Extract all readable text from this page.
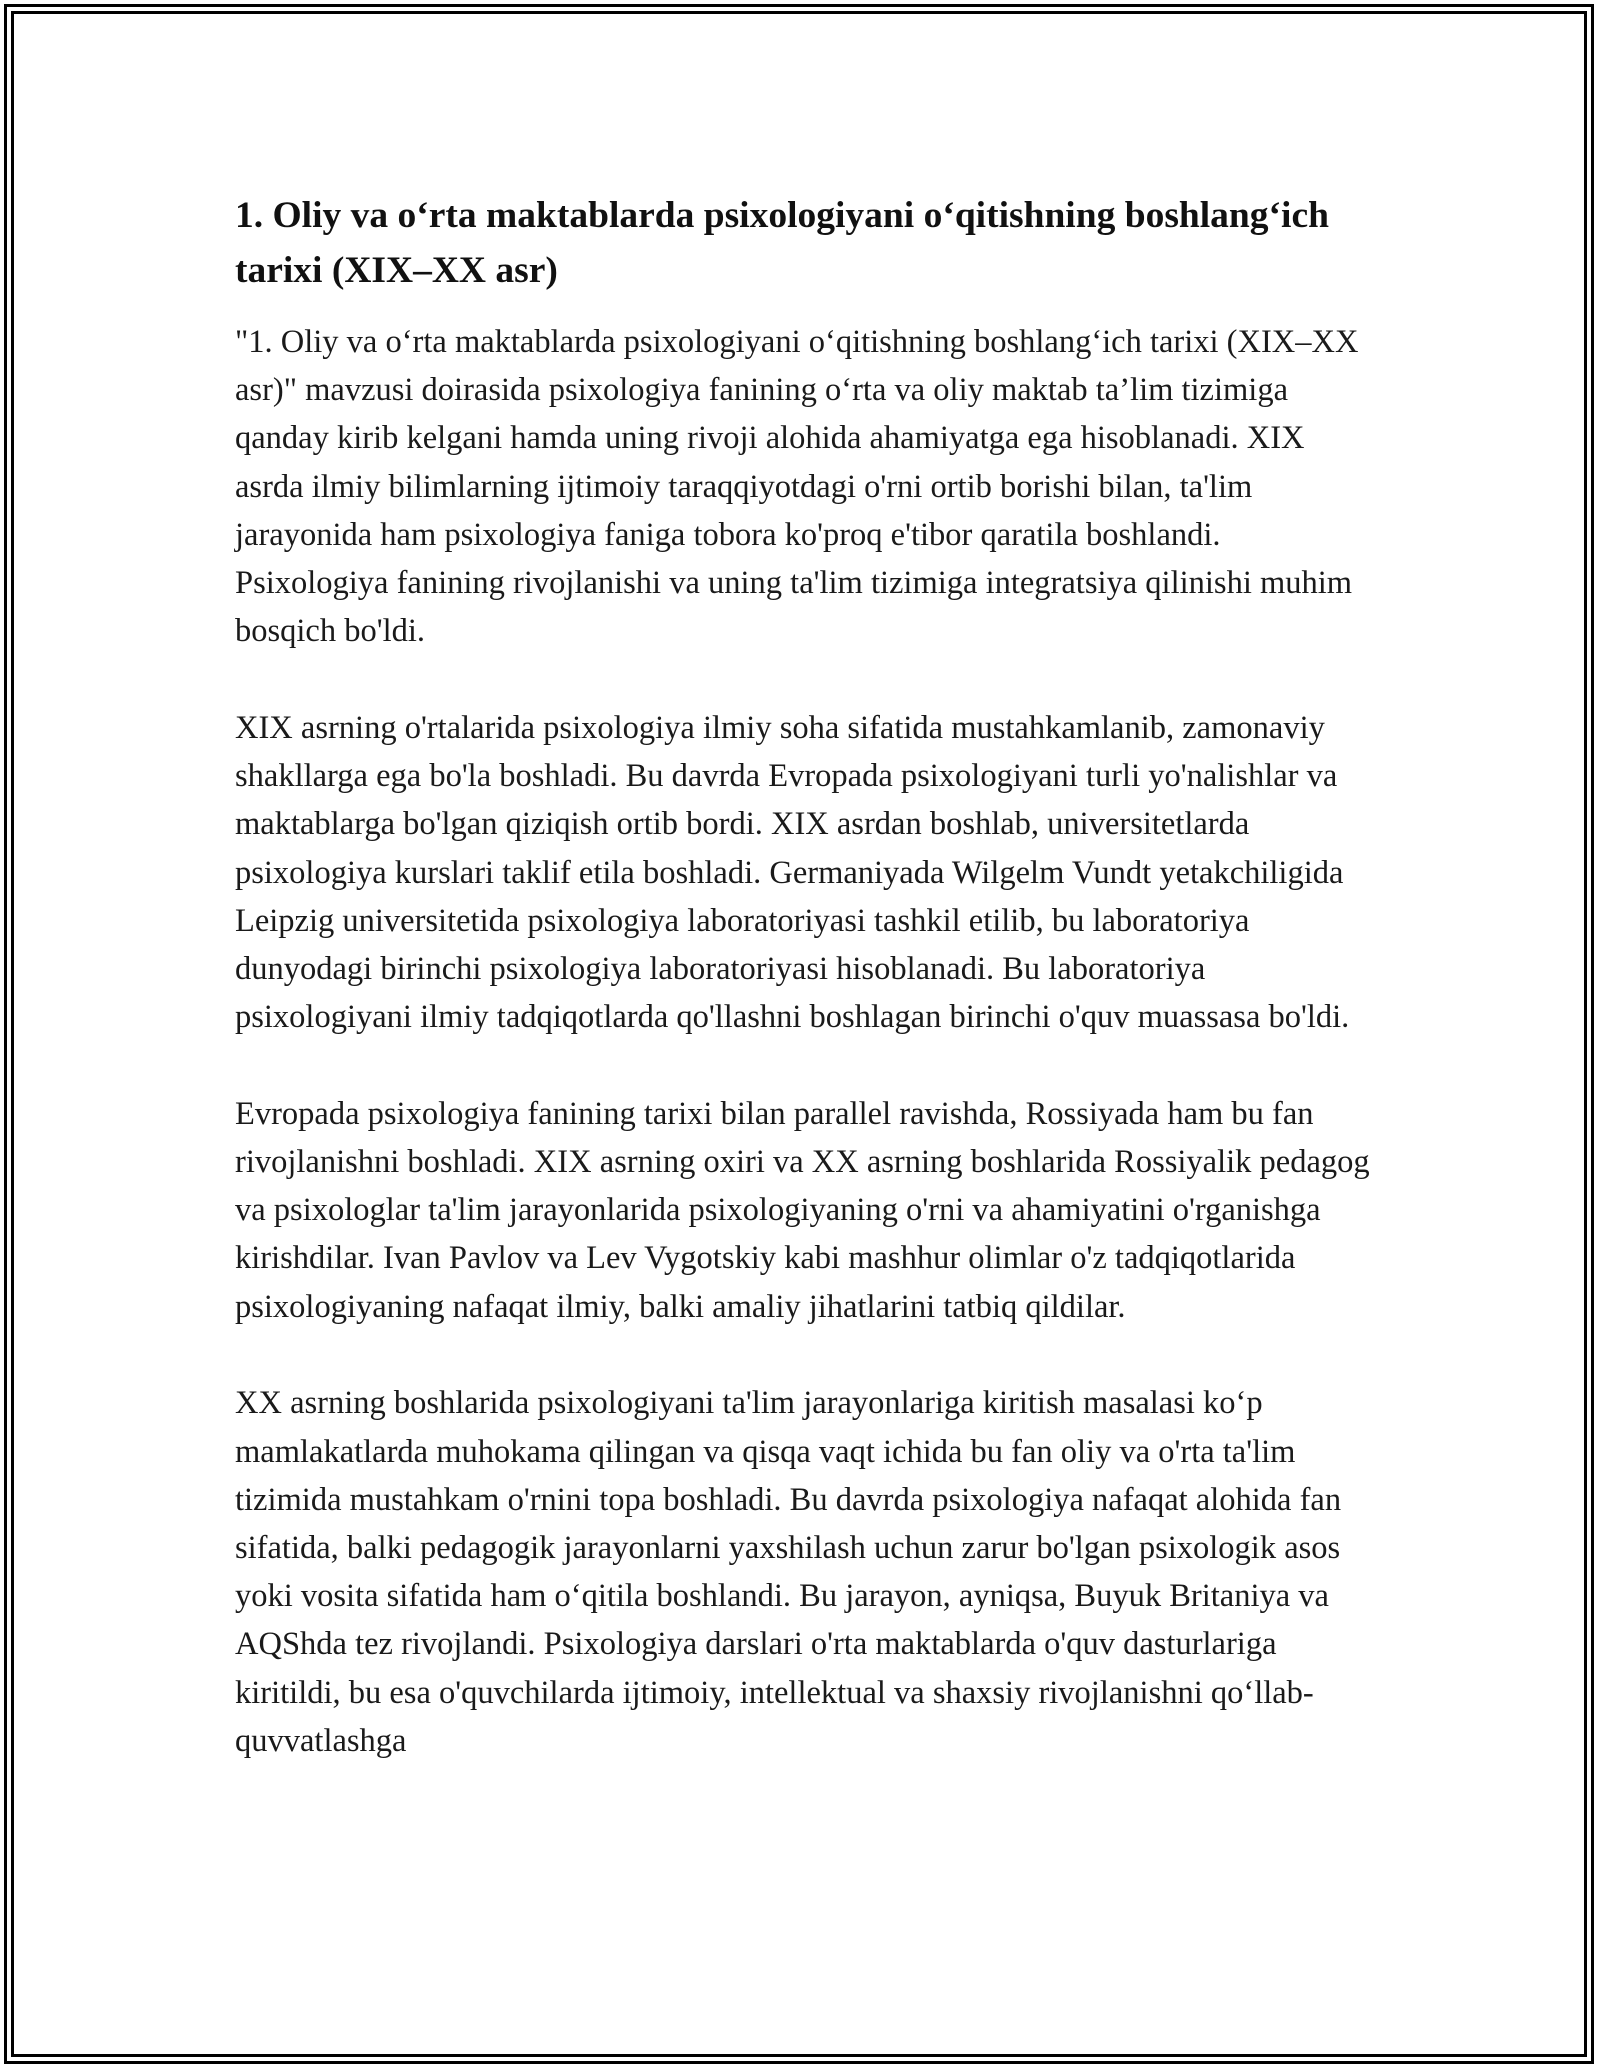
1. Oliy va o‘rta maktablarda psixologiyani o‘qitishning boshlang‘ich tarixi (XIX–XX asr)

"1. Oliy va o‘rta maktablarda psixologiyani o‘qitishning boshlang‘ich tarixi (XIX–XX asr)" mavzusi doirasida psixologiya fanining o‘rta va oliy maktab ta’lim tizimiga qanday kirib kelgani hamda uning rivoji alohida ahamiyatga ega hisoblanadi. XIX asrda ilmiy bilimlarning ijtimoiy taraqqiyotdagi o'rni ortib borishi bilan, ta'lim jarayonida ham psixologiya faniga tobora ko'proq e'tibor qaratila boshlandi. Psixologiya fanining rivojlanishi va uning ta'lim tizimiga integratsiya qilinishi muhim bosqich bo'ldi.

XIX asrning o'rtalarida psixologiya ilmiy soha sifatida mustahkamlanib, zamonaviy shakllarga ega bo'la boshladi. Bu davrda Evropada psixologiyani turli yo'nalishlar va maktablarga bo'lgan qiziqish ortib bordi. XIX asrdan boshlab, universitetlarda psixologiya kurslari taklif etila boshladi. Germaniyada Wilgelm Vundt yetakchiligida Leipzig universitetida psixologiya laboratoriyasi tashkil etilib, bu laboratoriya dunyodagi birinchi psixologiya laboratoriyasi hisoblanadi. Bu laboratoriya psixologiyani ilmiy tadqiqotlarda qo'llashni boshlagan birinchi o'quv muassasa bo'ldi.

Evropada psixologiya fanining tarixi bilan parallel ravishda, Rossiyada ham bu fan rivojlanishni boshladi. XIX asrning oxiri va XX asrning boshlarida Rossiyalik pedagog va psixologlar ta'lim jarayonlarida psixologiyaning o'rni va ahamiyatini o'rganishga kirishdilar. Ivan Pavlov va Lev Vygotskiy kabi mashhur olimlar o'z tadqiqotlarida psixologiyaning nafaqat ilmiy, balki amaliy jihatlarini tatbiq qildilar.

XX asrning boshlarida psixologiyani ta'lim jarayonlariga kiritish masalasi ko‘p mamlakatlarda muhokama qilingan va qisqa vaqt ichida bu fan oliy va o'rta ta'lim tizimida mustahkam o'rnini topa boshladi. Bu davrda psixologiya nafaqat alohida fan sifatida, balki pedagogik jarayonlarni yaxshilash uchun zarur bo'lgan psixologik asos yoki vosita sifatida ham o‘qitila boshlandi. Bu jarayon, ayniqsa, Buyuk Britaniya va AQShda tez rivojlandi. Psixologiya darslari o'rta maktablarda o'quv dasturlariga kiritildi, bu esa o'quvchilarda ijtimoiy, intellektual va shaxsiy rivojlanishni qo‘llab-quvvatlashga
